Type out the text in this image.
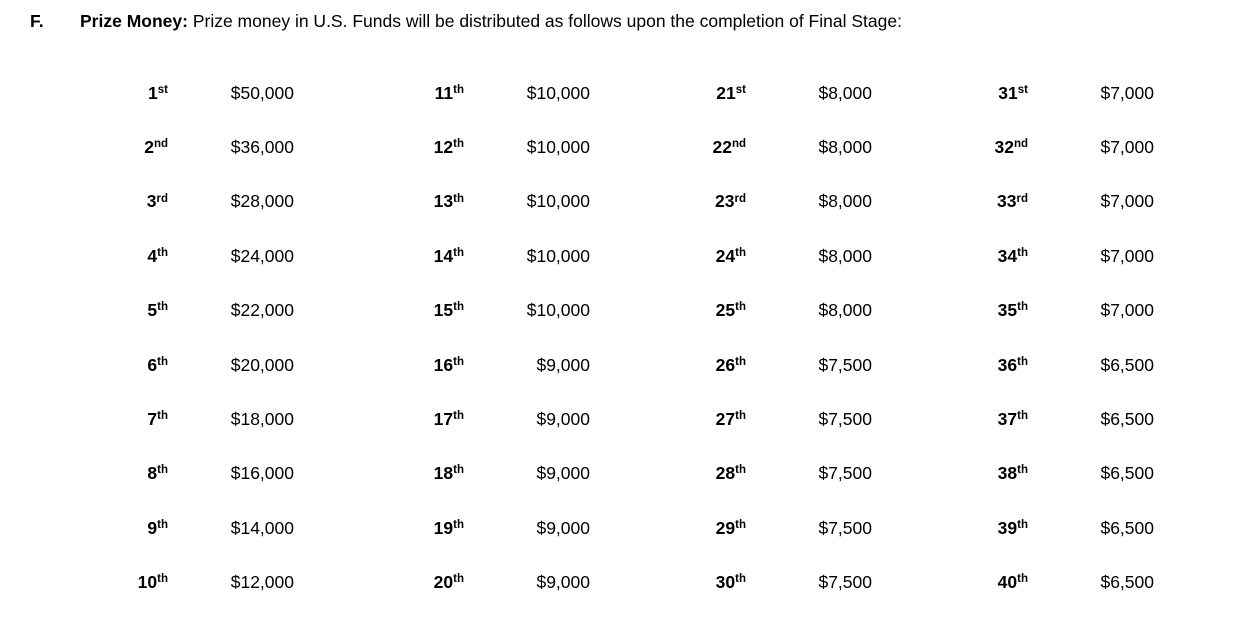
F. Prize Money: Prize money in U.S. Funds will be distributed as follows upon the completion of Final Stage:
1st	$50,000		11th	$10,000		21st	$8,000		31st	$7,000
2nd	$36,000		12th	$10,000		22nd	$8,000		32nd	$7,000
3rd	$28,000		13th	$10,000		23rd	$8,000		33rd	$7,000
4th	$24,000		14th	$10,000		24th	$8,000		34th	$7,000
5th	$22,000		15th	$10,000		25th	$8,000		35th	$7,000
6th	$20,000		16th	$9,000		26th	$7,500		36th	$6,500
7th	$18,000		17th	$9,000		27th	$7,500		37th	$6,500
8th	$16,000		18th	$9,000		28th	$7,500		38th	$6,500
9th	$14,000		19th	$9,000		29th	$7,500		39th	$6,500
10th	$12,000		20th	$9,000		30th	$7,500		40th	$6,500
